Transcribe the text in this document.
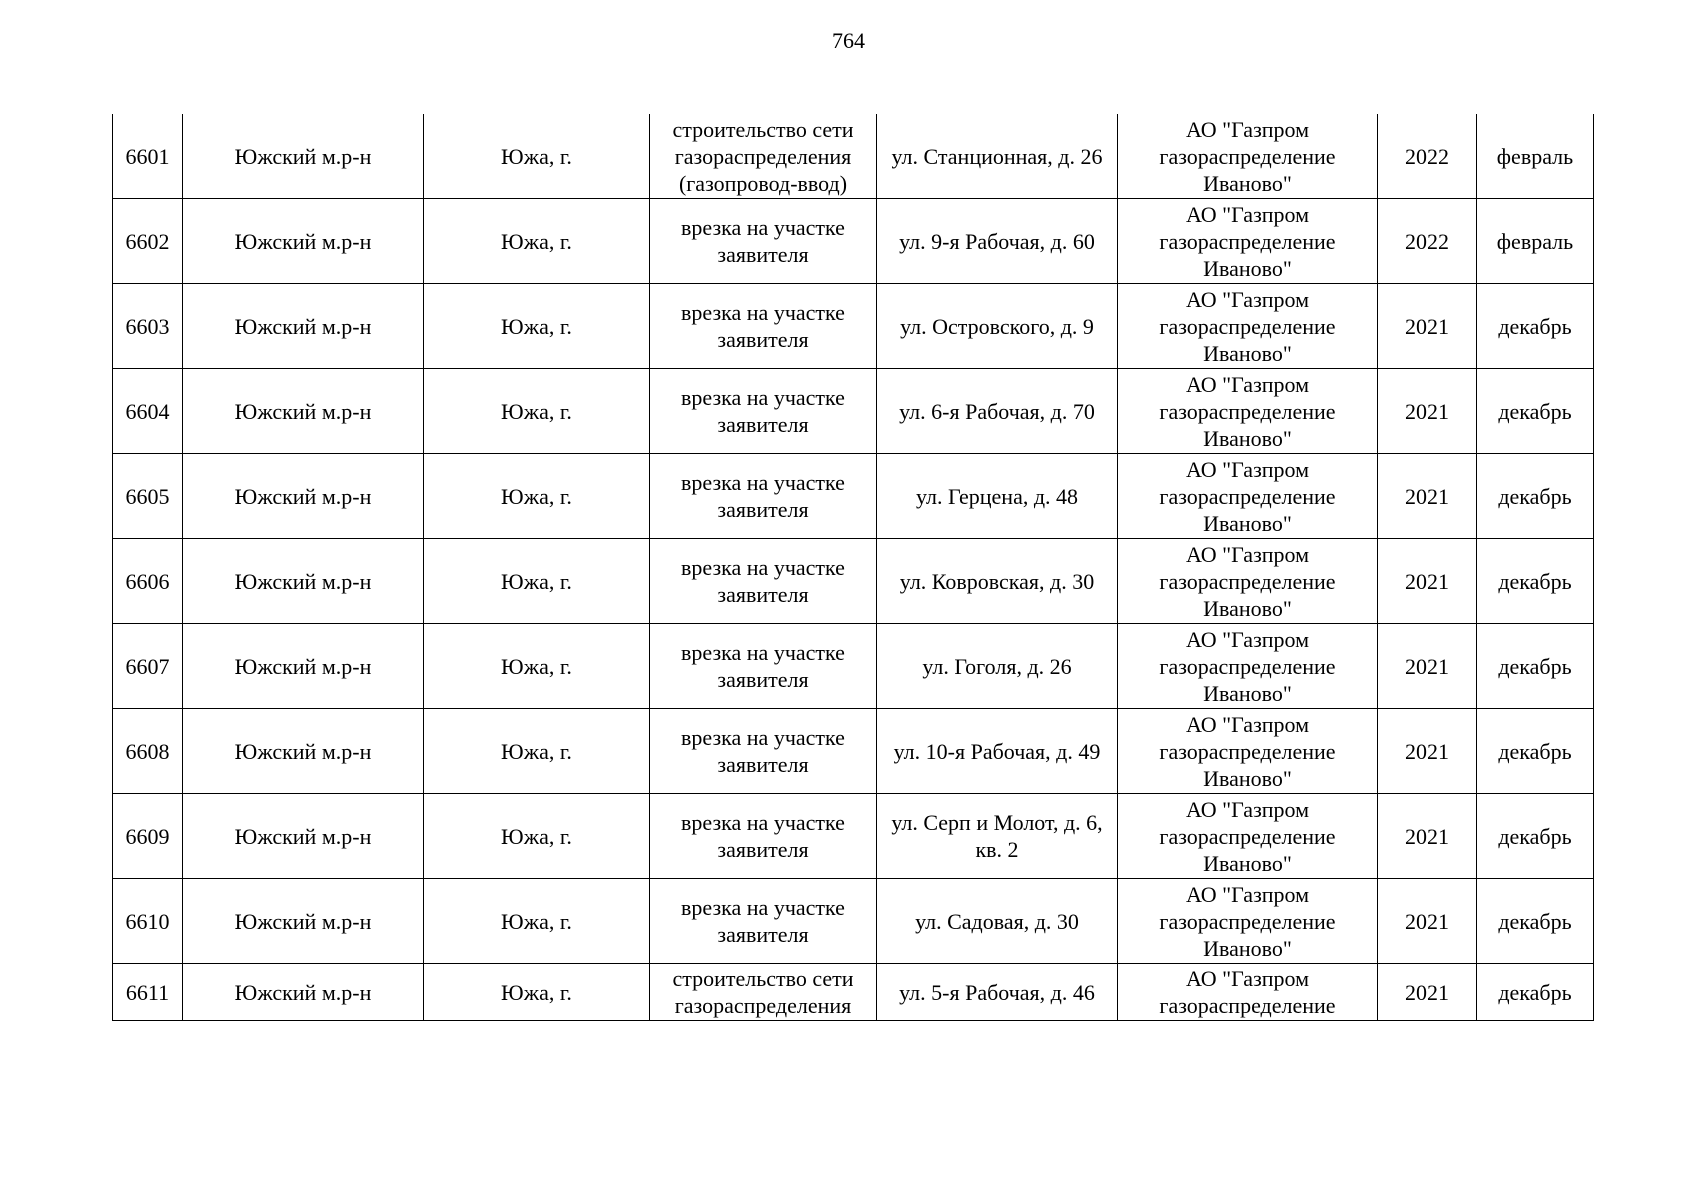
764
6601	Южский м.р-н	Южа, г.	строительство сети газораспределения (газопровод-ввод)	ул. Станционная, д. 26	АО "Газпром газораспределение Иваново"	2022	февраль

6602	Южский м.р-н	Южа, г.	врезка на участке заявителя	ул. 9-я Рабочая, д. 60	АО "Газпром газораспределение Иваново"	2022	февраль

6603	Южский м.р-н	Южа, г.	врезка на участке заявителя	ул. Островского, д. 9	АО "Газпром газораспределение Иваново"	2021	декабрь

6604	Южский м.р-н	Южа, г.	врезка на участке заявителя	ул. 6-я Рабочая, д. 70	АО "Газпром газораспределение Иваново"	2021	декабрь

6605	Южский м.р-н	Южа, г.	врезка на участке заявителя	ул. Герцена, д. 48	АО "Газпром газораспределение Иваново"	2021	декабрь

6606	Южский м.р-н	Южа, г.	врезка на участке заявителя	ул. Ковровская, д. 30	АО "Газпром газораспределение Иваново"	2021	декабрь

6607	Южский м.р-н	Южа, г.	врезка на участке заявителя	ул. Гоголя, д. 26	АО "Газпром газораспределение Иваново"	2021	декабрь

6608	Южский м.р-н	Южа, г.	врезка на участке заявителя	ул. 10-я Рабочая, д. 49	АО "Газпром газораспределение Иваново"	2021	декабрь

6609	Южский м.р-н	Южа, г.	врезка на участке заявителя	ул. Серп и Молот, д. 6, кв. 2	АО "Газпром газораспределение Иваново"	2021	декабрь

6610	Южский м.р-н	Южа, г.	врезка на участке заявителя	ул. Садовая, д. 30	АО "Газпром газораспределение Иваново"	2021	декабрь

6611	Южский м.р-н	Южа, г.	строительство сети газораспределения	ул. 5-я Рабочая, д. 46	АО "Газпром газораспределение	2021	декабрь
